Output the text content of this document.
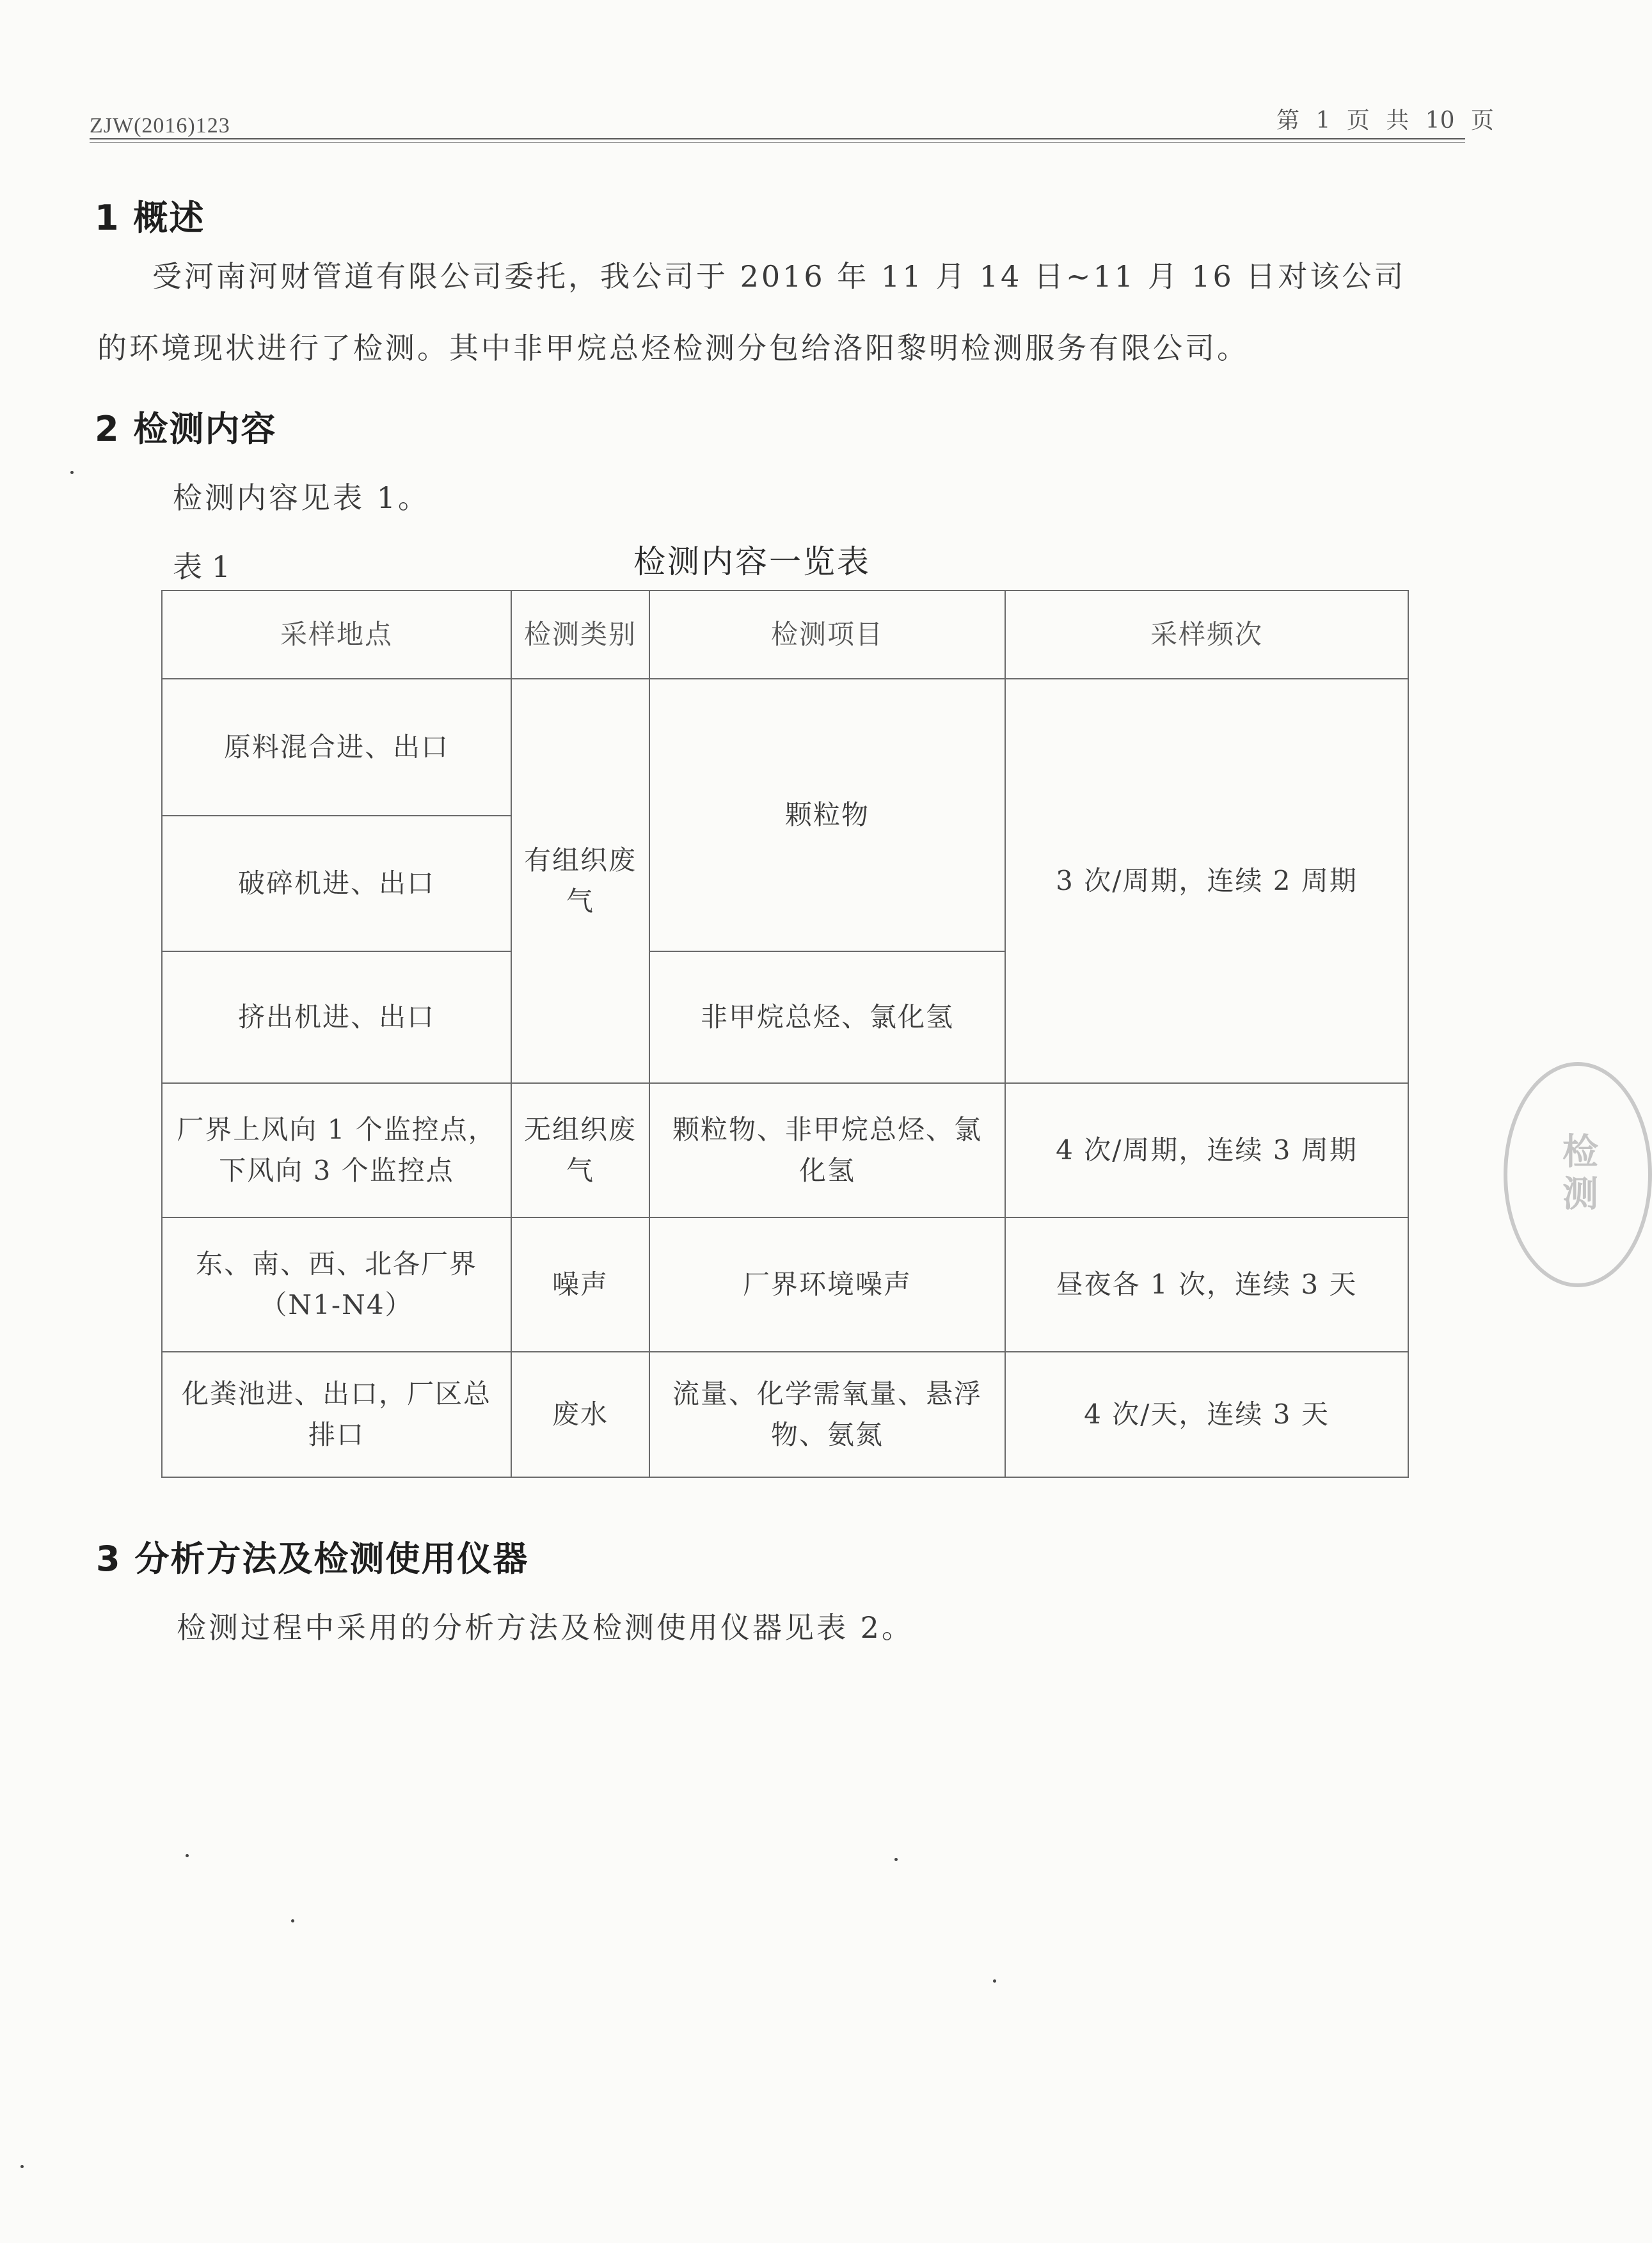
ZJW(2016)123	第 1 页 共 10 页
1 概述
受河南河财管道有限公司委托，我公司于 2016 年 11 月 14 日~11 月 16 日对该公司
的环境现状进行了检测。其中非甲烷总烃检测分包给洛阳黎明检测服务有限公司。
2 检测内容
检测内容见表 1。
表 1	检测内容一览表
采样地点	检测类别	检测项目	采样频次
原料混合进、出口	有组织废气	颗粒物	3 次/周期，连续 2 周期
破碎机进、出口			
挤出机进、出口		非甲烷总烃、氯化氢	
厂界上风向 1 个监控点，下风向 3 个监控点	无组织废气	颗粒物、非甲烷总烃、氯化氢	4 次/周期，连续 3 周期
东、南、西、北各厂界（N1-N4）	噪声	厂界环境噪声	昼夜各 1 次，连续 3 天
化粪池进、出口，厂区总排口	废水	流量、化学需氧量、悬浮物、氨氮	4 次/天，连续 3 天
3 分析方法及检测使用仪器
检测过程中采用的分析方法及检测使用仪器见表 2。
检测
